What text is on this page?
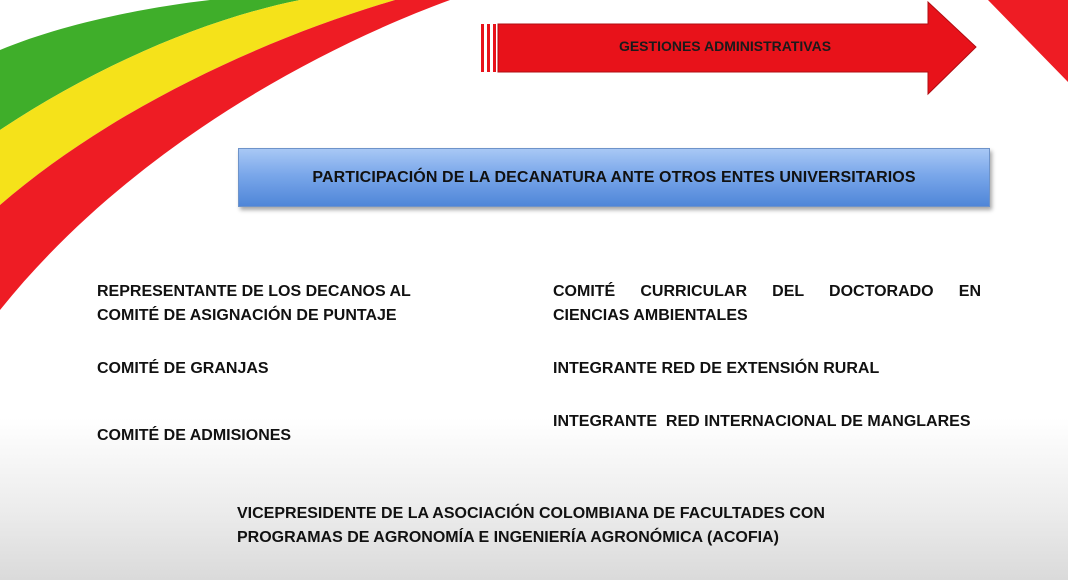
GESTIONES ADMINISTRATIVAS
PARTICIPACIÓN DE LA DECANATURA ANTE OTROS ENTES UNIVERSITARIOS
REPRESENTANTE DE LOS DECANOS AL
COMITÉ DE ASIGNACIÓN DE PUNTAJE
COMITÉ DE GRANJAS
COMITÉ DE ADMISIONES
COMITÉ CURRICULAR DEL DOCTORADO EN
CIENCIAS AMBIENTALES
INTEGRANTE RED DE EXTENSIÓN RURAL
INTEGRANTE  RED INTERNACIONAL DE MANGLARES
VICEPRESIDENTE DE LA ASOCIACIÓN COLOMBIANA DE FACULTADES CON
PROGRAMAS DE AGRONOMÍA E INGENIERÍA AGRONÓMICA (ACOFIA)
